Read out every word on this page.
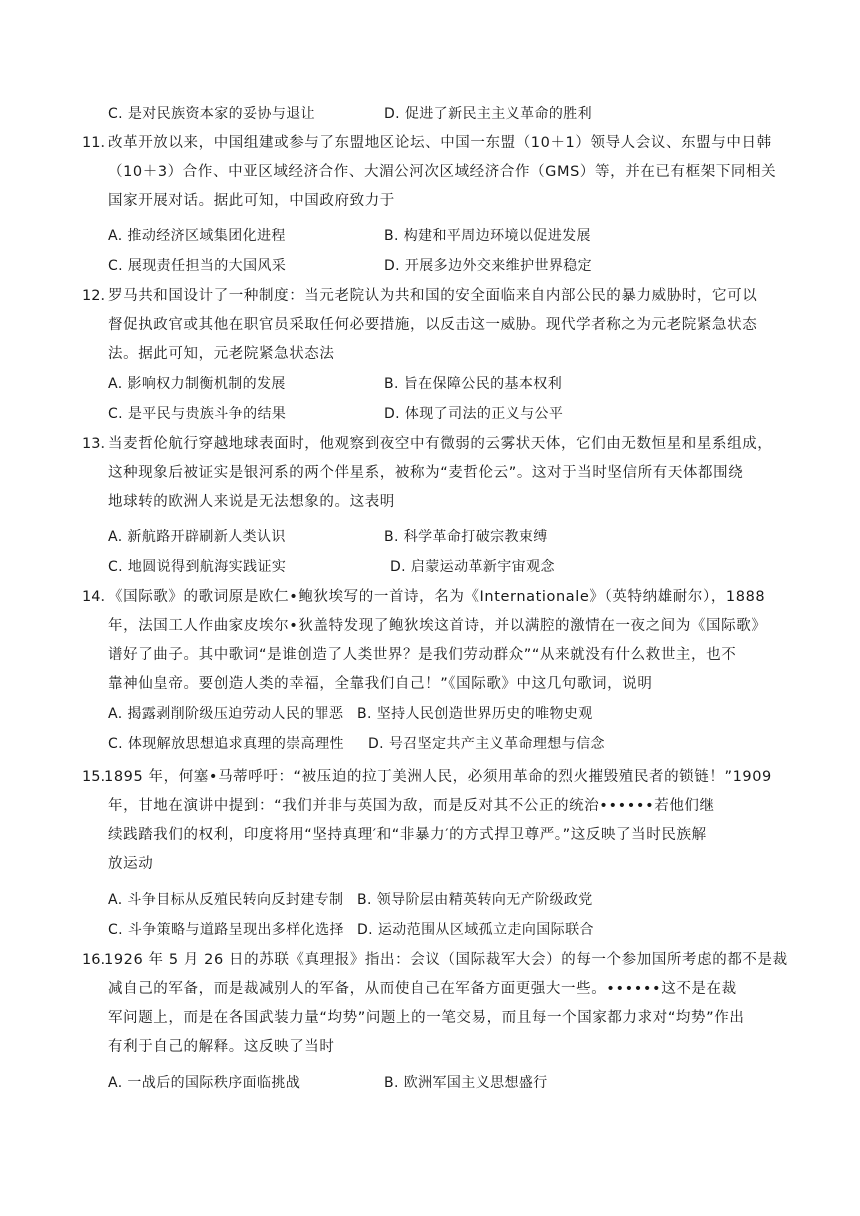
C. 是对民族资本家的妥协与退让	D. 促进了新民主主义革命的胜利
11．
改革开放以来，中国组建或参与了东盟地区论坛、中国一东盟（10＋1）领导人会议、东盟与中日韩
（10＋3）合作、中亚区域经济合作、大湄公河次区域经济合作（GMS）等，并在已有框架下同相关
国家开展对话。据此可知，中国政府致力于
A. 推动经济区域集团化进程	B. 构建和平周边环境以促进发展
C. 展现责任担当的大国风采	D. 开展多边外交来维护世界稳定
12．
罗马共和国设计了一种制度：当元老院认为共和国的安全面临来自内部公民的暴力威胁时，它可以
督促执政官或其他在职官员采取任何必要措施，以反击这一威胁。现代学者称之为元老院紧急状态
法。据此可知，元老院紧急状态法
A. 影响权力制衡机制的发展	B. 旨在保障公民的基本权利
C. 是平民与贵族斗争的结果	D. 体现了司法的正义与公平
13．
当麦哲伦航行穿越地球表面时，他观察到夜空中有微弱的云雾状天体，它们由无数恒星和星系组成，
这种现象后被证实是银河系的两个伴星系，被称为“麦哲伦云”。这对于当时坚信所有天体都围绕
地球转的欧洲人来说是无法想象的。这表明
A. 新航路开辟刷新人类认识	B. 科学革命打破宗教束缚
C. 地圆说得到航海实践证实	D. 启蒙运动革新宇宙观念
14．
《国际歌》的歌词原是欧仁•鲍狄埃写的一首诗，名为《Internationale》（英特纳雄耐尔），1888
年，法国工人作曲家皮埃尔•狄盖特发现了鲍狄埃这首诗，并以满腔的激情在一夜之间为《国际歌》
谱好了曲子。其中歌词“是谁创造了人类世界？是我们劳动群众”“从来就没有什么救世主，也不
靠神仙皇帝。要创造人类的幸福，全靠我们自己！”《国际歌》中这几句歌词，说明
A. 揭露剥削阶级压迫劳动人民的罪恶 B. 坚持人民创造世界历史的唯物史观
C. 体现解放思想追求真理的崇高理性 D. 号召坚定共产主义革命理想与信念
15.
1895 年，何塞•马蒂呼吁：“被压迫的拉丁美洲人民，必须用革命的烈火摧毁殖民者的锁链！”1909
年，甘地在演讲中提到：“我们并非与英国为敌，而是反对其不公正的统治••••••若他们继
续践踏我们的权利，印度将用“坚持真理′和“非暴力′的方式捍卫尊严。”这反映了当时民族解
放运动
A. 斗争目标从反殖民转向反封建专制 B. 领导阶层由精英转向无产阶级政党
C. 斗争策略与道路呈现出多样化选择 D. 运动范围从区域孤立走向国际联合
16.
1926 年 5 月 26 日的苏联《真理报》指出：会议（国际裁军大会）的每一个参加国所考虑的都不是裁
减自己的军备，而是裁减别人的军备，从而使自己在军备方面更强大一些。••••••这不是在裁
军问题上，而是在各国武装力量“均势”问题上的一笔交易，而且每一个国家都力求对“均势”作出
有利于自己的解释。这反映了当时
A. 一战后的国际秩序面临挑战	B. 欧洲军国主义思想盛行
